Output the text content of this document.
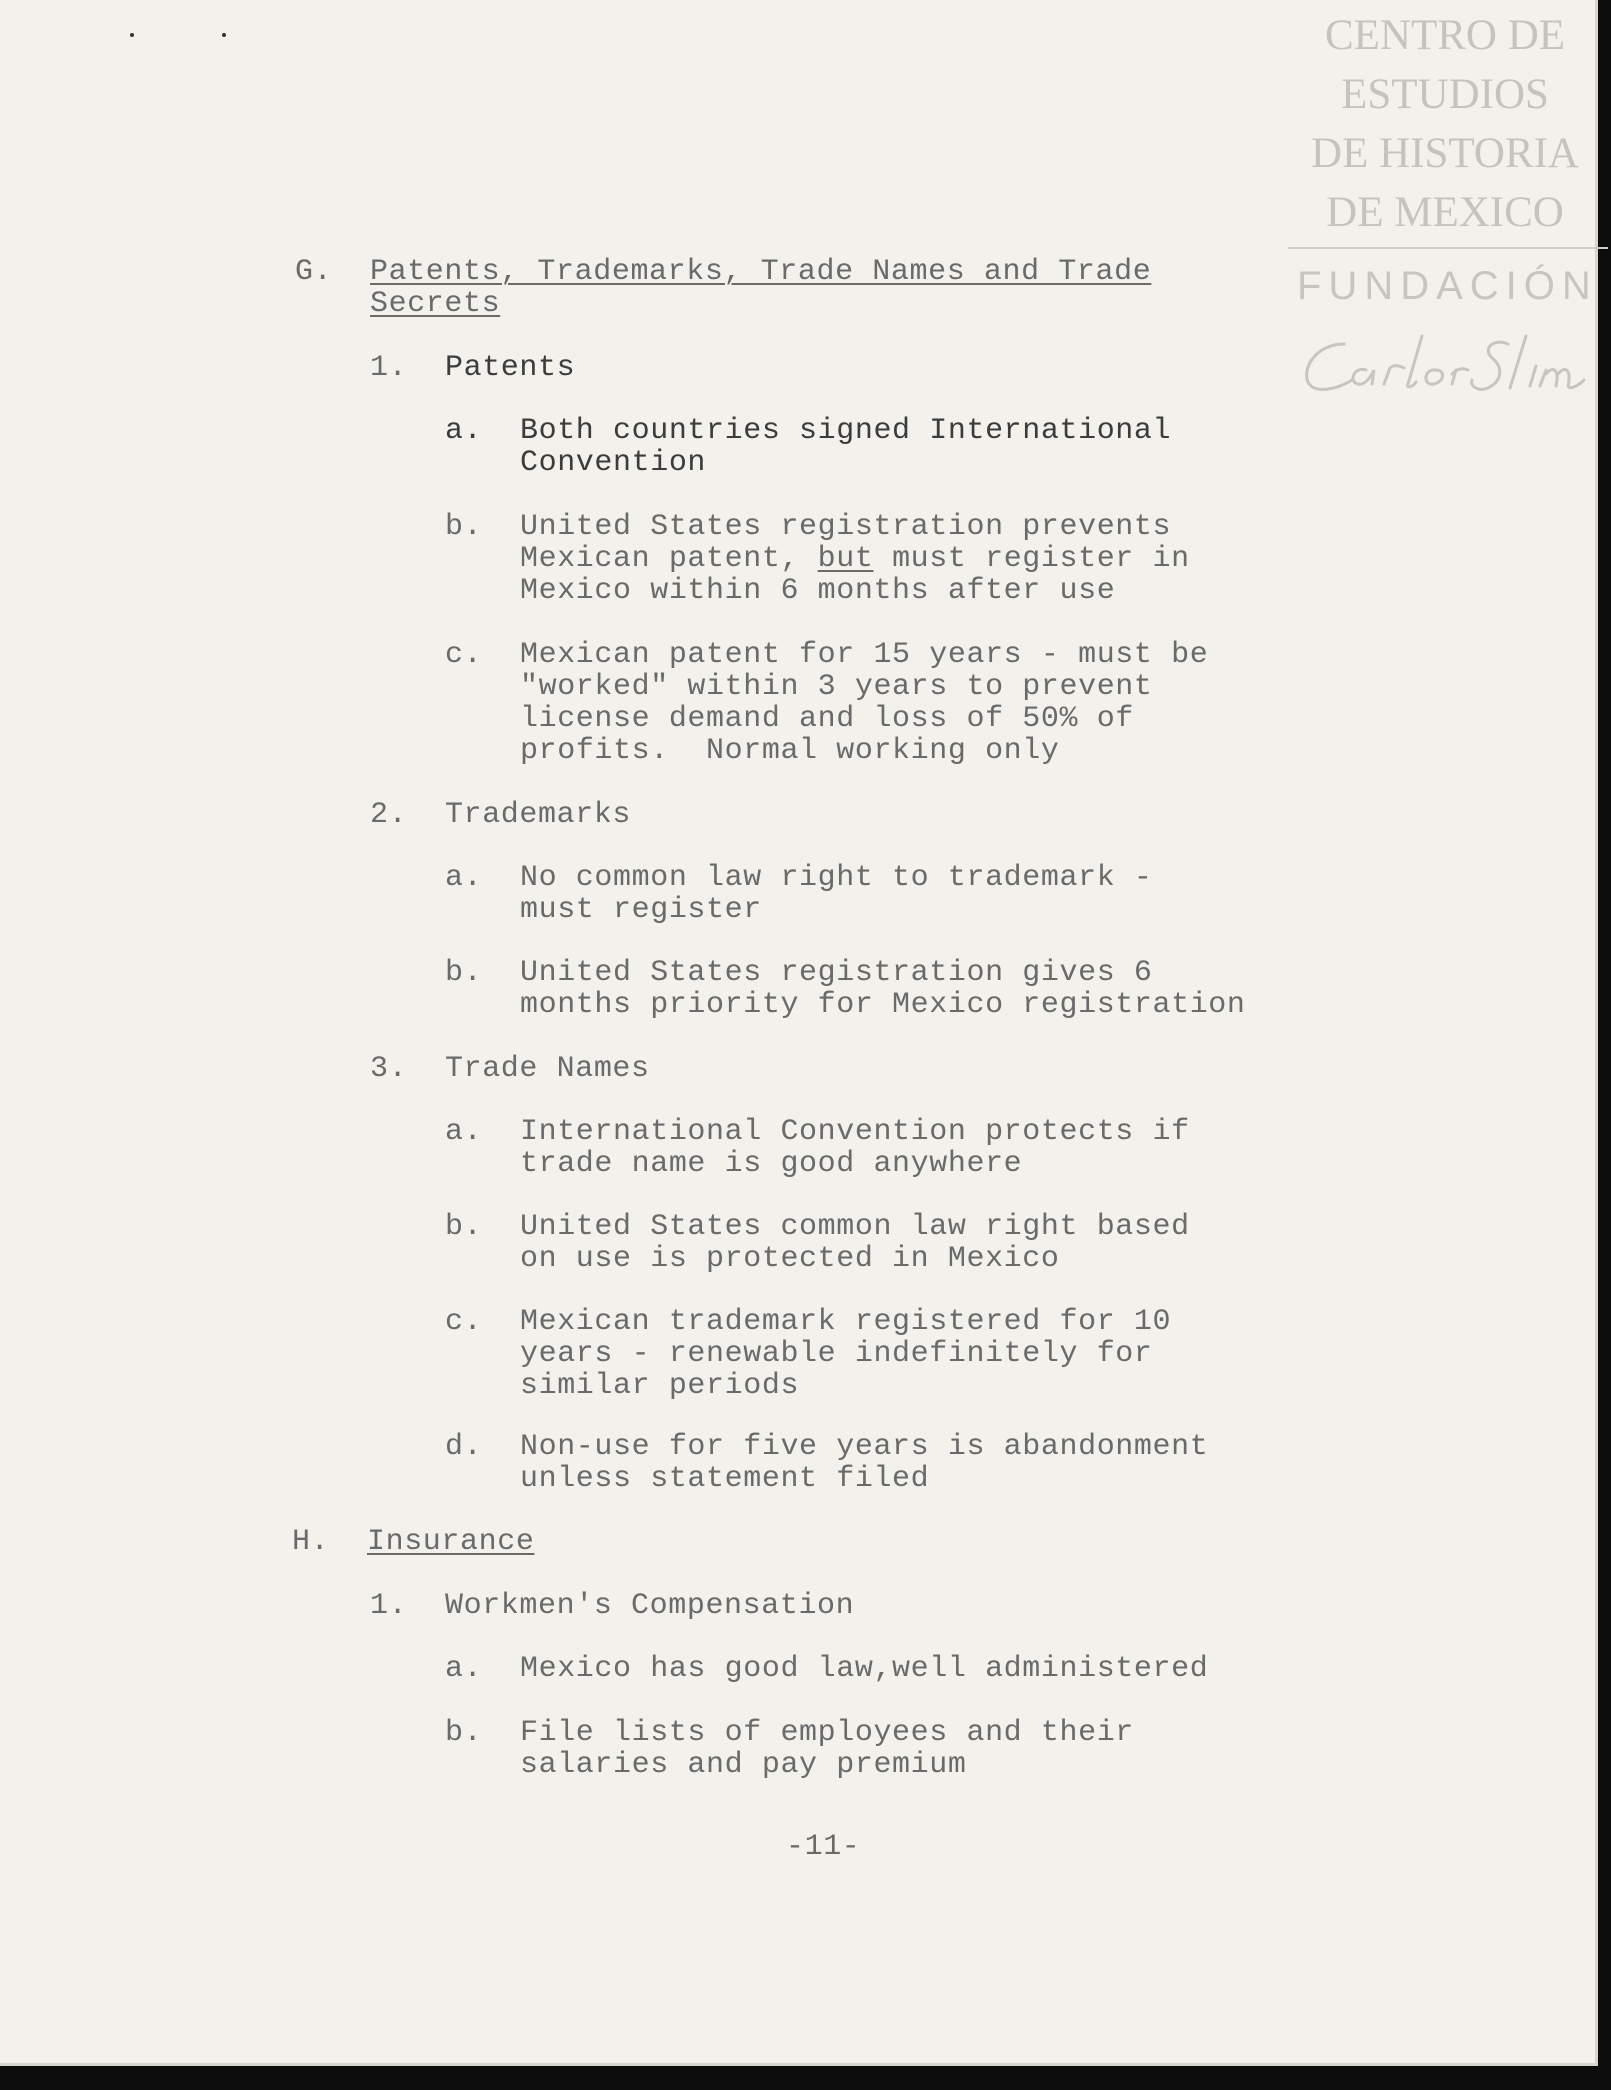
CENTRO DE
ESTUDIOS
DE HISTORIA
DE MEXICO
FUNDACIÓN

G. Patents, Trademarks, Trade Names and Trade

Secrets

1. Patents

a. Both countries signed International

Convention

b. United States registration prevents

Mexican patent, but must register in

Mexico within 6 months after use

c. Mexican patent for 15 years - must be

"worked" within 3 years to prevent

license demand and loss of 50% of

profits.  Normal working only

2. Trademarks

a. No common law right to trademark -

must register

b. United States registration gives 6

months priority for Mexico registration

3. Trade Names

a. International Convention protects if

trade name is good anywhere

b. United States common law right based

on use is protected in Mexico

c. Mexican trademark registered for 10

years - renewable indefinitely for

similar periods

d. Non-use for five years is abandonment

unless statement filed

H. Insurance

1. Workmen's Compensation

a. Mexico has good law,well administered

b. File lists of employees and their

salaries and pay premium

-11-
